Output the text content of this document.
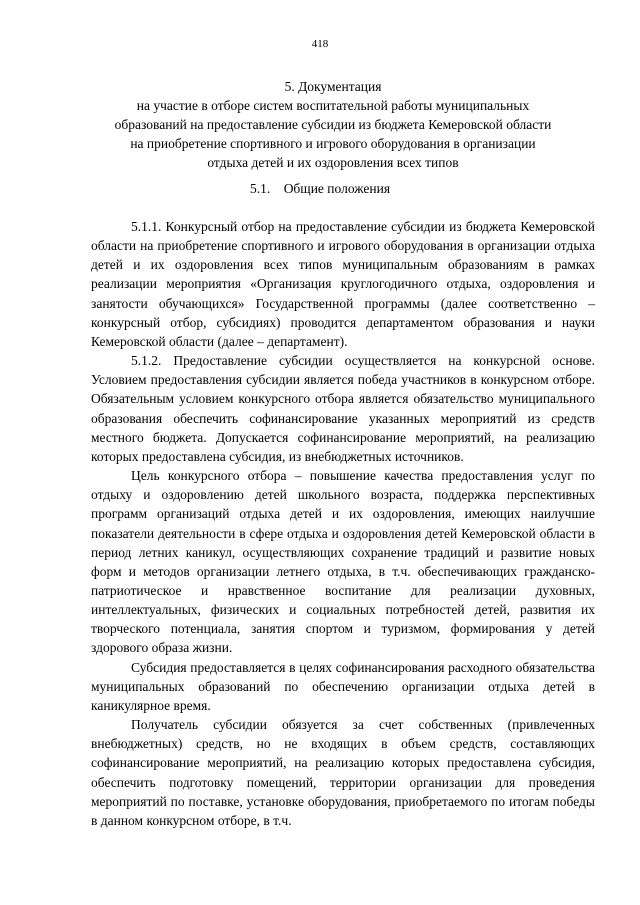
418
5. Документация
на участие в отборе систем воспитательной работы муниципальных
образований на предоставление субсидии из бюджета Кемеровской области
на приобретение спортивного и игрового оборудования в организации
отдыха детей и их оздоровления всех типов
5.1.    Общие положения

5.1.1. Конкурсный отбор на предоставление субсидии из бюджета Кемеровской области на приобретение спортивного и игрового оборудования в организации отдыха детей и их оздоровления всех типов муниципальным образованиям в рамках реализации мероприятия «Организация круглогодичного отдыха, оздоровления и занятости обучающихся» Государственной программы (далее соответственно – конкурсный отбор, субсидиях) проводится департаментом образования и науки Кемеровской области (далее – департамент).

5.1.2. Предоставление субсидии осуществляется на конкурсной основе. Условием предоставления субсидии является победа участников в конкурсном отборе. Обязательным условием конкурсного отбора является обязательство муниципального образования обеспечить софинансирование указанных мероприятий из средств местного бюджета. Допускается софинансирование мероприятий, на реализацию которых предоставлена субсидия, из внебюджетных источников.

Цель конкурсного отбора – повышение качества предоставления услуг по отдыху и оздоровлению детей школьного возраста, поддержка перспективных программ организаций отдыха детей и их оздоровления, имеющих наилучшие показатели деятельности в сфере отдыха и оздоровления детей Кемеровской области в период летних каникул, осуществляющих сохранение традиций и развитие новых форм и методов организации летнего отдыха, в т.ч. обеспечивающих гражданско-патриотическое и нравственное воспитание для реализации духовных, интеллектуальных, физических и социальных потребностей детей, развития их творческого потенциала, занятия спортом и туризмом, формирования у детей здорового образа жизни.

Субсидия предоставляется в целях софинансирования расходного обязательства муниципальных образований по обеспечению организации отдыха детей в каникулярное время.

Получатель субсидии обязуется за счет собственных (привлеченных внебюджетных) средств, но не входящих в объем средств, составляющих софинансирование мероприятий, на реализацию которых предоставлена субсидия, обеспечить подготовку помещений, территории организации для проведения мероприятий по поставке, установке оборудования, приобретаемого по итогам победы в данном конкурсном отборе, в т.ч.
